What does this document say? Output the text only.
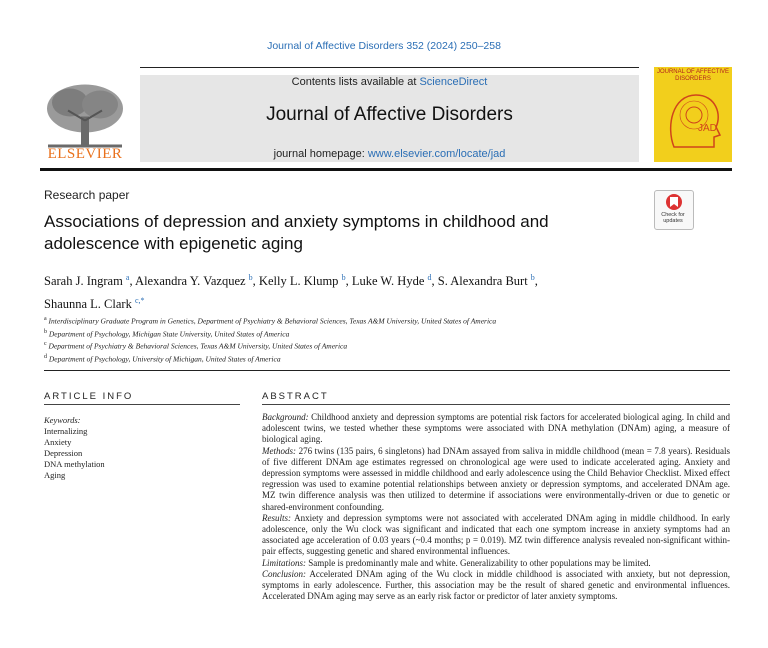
Journal of Affective Disorders 352 (2024) 250–258
Contents lists available at ScienceDirect
Journal of Affective Disorders
journal homepage: www.elsevier.com/locate/jad
ELSEVIER
JOURNAL OF AFFECTIVE DISORDERS
JAD
Research paper
Associations of depression and anxiety symptoms in childhood and adolescence with epigenetic aging
Check for updates
Sarah J. Ingram $^a$, Alexandra Y. Vazquez $^b$, Kelly L. Klump $^b$, Luke W. Hyde $^d$, S. Alexandra Burt $^b$,
Shaunna L. Clark $^{c,*}$
$^a$ Interdisciplinary Graduate Program in Genetics, Department of Psychiatry & Behavioral Sciences, Texas A&M University, United States of America
$^b$ Department of Psychology, Michigan State University, United States of America
$^c$ Department of Psychiatry & Behavioral Sciences, Texas A&M University, United States of America
$^d$ Department of Psychology, University of Michigan, United States of America
ARTICLE INFO	ABSTRACT
Keywords:
Internalizing
Anxiety
Depression
DNA methylation
Aging

Background: Childhood anxiety and depression symptoms are potential risk factors for accelerated biological aging. In child and adolescent twins, we tested whether these symptoms were associated with DNA methylation (DNAm) aging, a measure of biological aging.

Methods: 276 twins (135 pairs, 6 singletons) had DNAm assayed from saliva in middle childhood (mean = 7.8 years). Residuals of five different DNAm age estimates regressed on chronological age were used to indicate accelerated aging. Anxiety and depression symptoms were assessed in middle childhood and early adolescence using the Child Behavior Checklist. Mixed effect regression was used to examine potential relationships between anxiety or depression symptoms, and accelerated DNAm age. MZ twin difference analysis was then utilized to determine if associations were environmentally-driven or due to genetic or shared-environment confounding.

Results: Anxiety and depression symptoms were not associated with accelerated DNAm aging in middle childhood. In early adolescence, only the Wu clock was significant and indicated that each one symptom increase in anxiety symptoms had an associated age acceleration of 0.03 years (~0.4 months; p = 0.019). MZ twin difference analysis revealed non-significant within-pair effects, suggesting genetic and shared environmental influences.

Limitations: Sample is predominantly male and white. Generalizability to other populations may be limited.

Conclusion: Accelerated DNAm aging of the Wu clock in middle childhood is associated with anxiety, but not depression, symptoms in early adolescence. Further, this association may be the result of shared genetic and environmental influences. Accelerated DNAm aging may serve as an early risk factor or predictor of later anxiety symptoms.
